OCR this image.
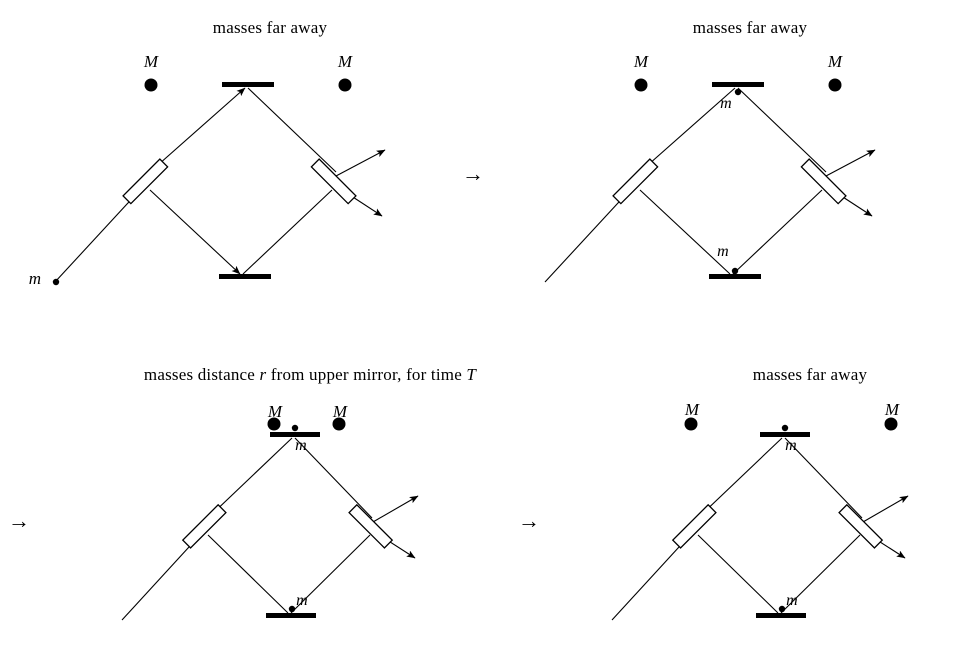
masses far away
M	M
m
→
masses far away
M	M
m
m
→
masses distance r from upper mirror, for time T
M	M
m
m
→
masses far away
M	M
m
m
